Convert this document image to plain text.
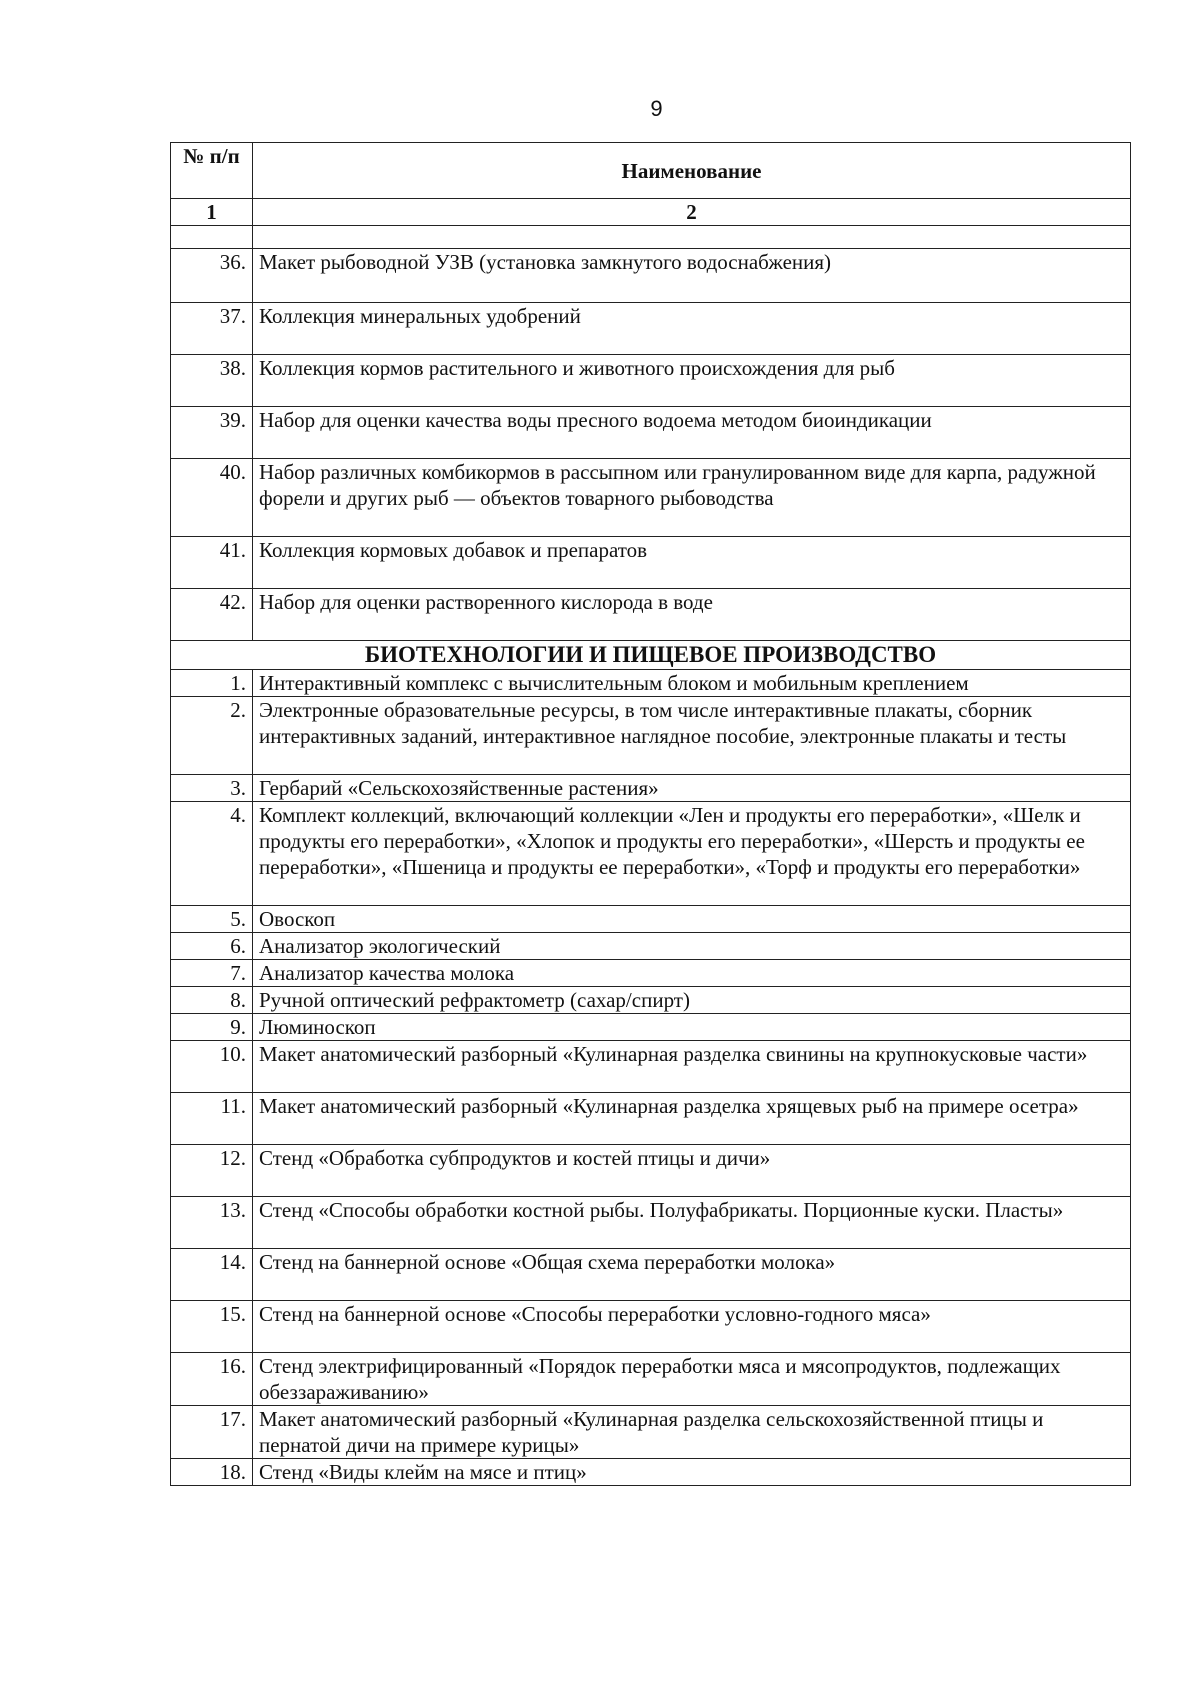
9
№ п/п	Наименование
1	2

36.	Макет рыбоводной УЗВ (установка замкнутого водоснабжения)
37.	Коллекция минеральных удобрений
38.	Коллекция кормов растительного и животного происхождения для рыб
39.	Набор для оценки качества воды пресного водоема методом биоиндикации
40.	Набор различных комбикормов в рассыпном или гранулированном виде для карпа, радужной форели и других рыб — объектов товарного рыбоводства
41.	Коллекция кормовых добавок и препаратов
42.	Набор для оценки растворенного кислорода в воде
БИОТЕХНОЛОГИИ И ПИЩЕВОЕ ПРОИЗВОДСТВО	
1.	Интерактивный комплекс с вычислительным блоком и мобильным креплением
2.	Электронные образовательные ресурсы, в том числе интерактивные плакаты, сборник интерактивных заданий, интерактивное наглядное пособие, электронные плакаты и тесты
3.	Гербарий «Сельскохозяйственные растения»
4.	Комплект коллекций, включающий коллекции «Лен и продукты его переработки», «Шелк и продукты его переработки», «Хлопок и продукты его переработки», «Шерсть и продукты ее переработки», «Пшеница и продукты ее переработки», «Торф и продукты его переработки»
5.	Овоскоп
6.	Анализатор экологический
7.	Анализатор качества молока
8.	Ручной оптический рефрактометр (сахар/спирт)
9.	Люминоскоп
10.	Макет анатомический разборный «Кулинарная разделка свинины на крупнокусковые части»
11.	Макет анатомический разборный «Кулинарная разделка хрящевых рыб на примере осетра»
12.	Стенд «Обработка субпродуктов и костей птицы и дичи»
13.	Стенд «Способы обработки костной рыбы. Полуфабрикаты. Порционные куски. Пласты»
14.	Стенд на баннерной основе «Общая схема переработки молока»
15.	Стенд на баннерной основе «Способы переработки условно-годного мяса»
16.	Стенд электрифицированный «Порядок переработки мяса и мясопродуктов, подлежащих обеззараживанию»
17.	Макет анатомический разборный «Кулинарная разделка сельскохозяйственной птицы и пернатой дичи на примере курицы»
18.	Стенд «Виды клейм на мясе и птиц»
